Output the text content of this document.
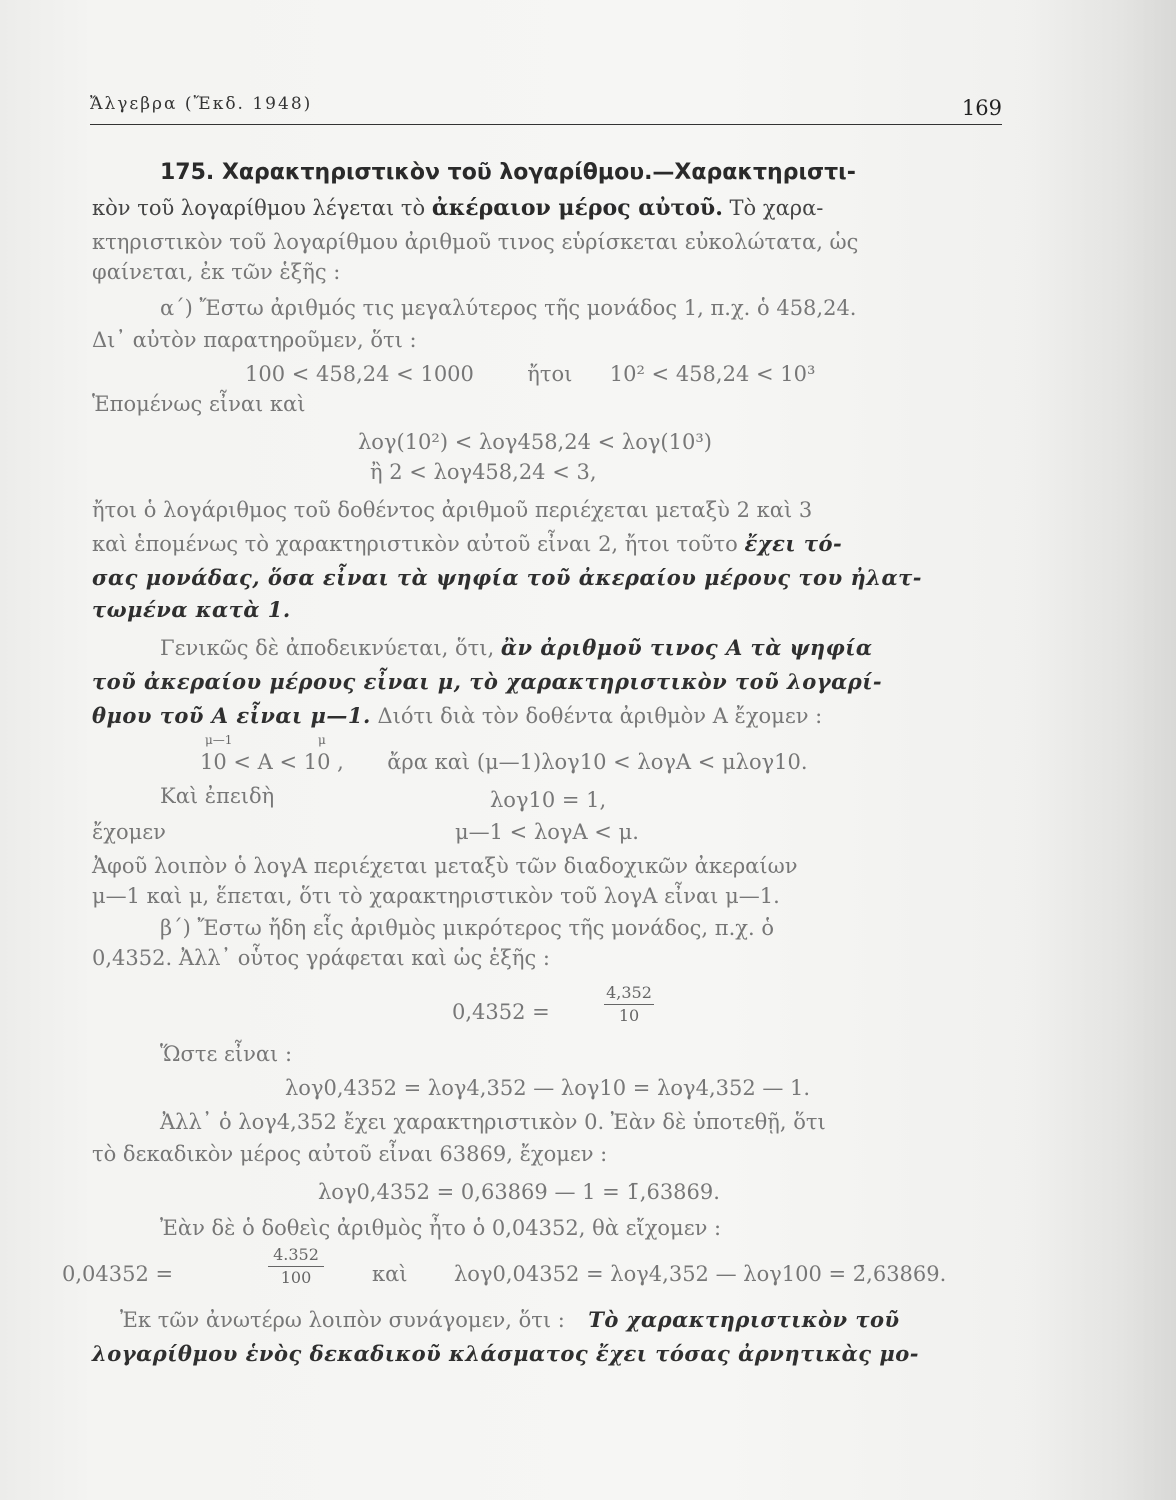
Ἄλγεβρα (Ἔκδ. 1948)	169
175. Χαρακτηριστικὸν τοῦ λογαρίθμου.—Χαρακτηριστι-
κὸν τοῦ λογαρίθμου λέγεται τὸ ἀκέραιον μέρος αὐτοῦ. Τὸ χαρα-
κτηριστικὸν τοῦ λογαρίθμου ἀριθμοῦ τινος εὑρίσκεται εὐκολώτατα, ὡς
φαίνεται, ἐκ τῶν ἑξῆς :
α΄) Ἔστω ἀριθμός τις μεγαλύτερος τῆς μονάδος 1, π.χ. ὁ 458,24.
Δι᾽ αὐτὸν παρατηροῦμεν, ὅτι :
100 < 458,24 < 1000	ἤτοι 10² < 458,24 < 10³
Ἑπομένως εἶναι καὶ
λογ(10²) < λογ458,24 < λογ(10³)
ἢ 2 < λογ458,24 < 3,
ἤτοι ὁ λογάριθμος τοῦ δοθέντος ἀριθμοῦ περιέχεται μεταξὺ 2 καὶ 3
καὶ ἑπομένως τὸ χαρακτηριστικὸν αὐτοῦ εἶναι 2, ἤτοι τοῦτο ἔχει τό-
σας μονάδας, ὅσα εἶναι τὰ ψηφία τοῦ ἀκεραίου μέρους του ἠλατ-
τωμένα κατὰ 1.
Γενικῶς δὲ ἀποδεικνύεται, ὅτι, ἂν ἀριθμοῦ τινος Α τὰ ψηφία
τοῦ ἀκεραίου μέρους εἶναι μ, τὸ χαρακτηριστικὸν τοῦ λογαρί-
θμου τοῦ Α εἶναι μ—1. Διότι διὰ τὸν δοθέντα ἀριθμὸν Α ἔχομεν :
μ—1	μ
10 < Α < 10 , ἄρα καὶ (μ—1)λογ10 < λογΑ < μλογ10.
Καὶ ἐπειδὴ	λογ10 = 1,
ἔχομεν	μ—1 < λογΑ < μ.
Ἀφοῦ λοιπὸν ὁ λογΑ περιέχεται μεταξὺ τῶν διαδοχικῶν ἀκεραίων
μ—1 καὶ μ, ἕπεται, ὅτι τὸ χαρακτηριστικὸν τοῦ λογΑ εἶναι μ—1.
β΄) Ἔστω ἤδη εἷς ἀριθμὸς μικρότερος τῆς μονάδος, π.χ. ὁ
0,4352. Ἀλλ᾽ οὗτος γράφεται καὶ ὡς ἑξῆς :
0,4352 =
4,352
10
Ὥστε εἶναι :
λογ0,4352 = λογ4,352 — λογ10 = λογ4,352 — 1.
Ἀλλ᾽ ὁ λογ4,352 ἔχει χαρακτηριστικὸν 0. Ἐὰν δὲ ὑποτεθῇ, ὅτι
τὸ δεκαδικὸν μέρος αὐτοῦ εἶναι 63869, ἔχομεν :
λογ0,4352 = 0,63869 — 1 = 1̄,63869.
Ἐὰν δὲ ὁ δοθεὶς ἀριθμὸς ἦτο ὁ 0,04352, θὰ εἴχομεν :
0,04352 =
4.352
100	καὶ λογ0,04352 = λογ4,352 — λογ100 = 2̄,63869.
Ἐκ τῶν ἀνωτέρω λοιπὸν συνάγομεν, ὅτι : Τὸ χαρακτηριστικὸν τοῦ
λογαρίθμου ἑνὸς δεκαδικοῦ κλάσματος ἔχει τόσας ἀρνητικὰς μο-
